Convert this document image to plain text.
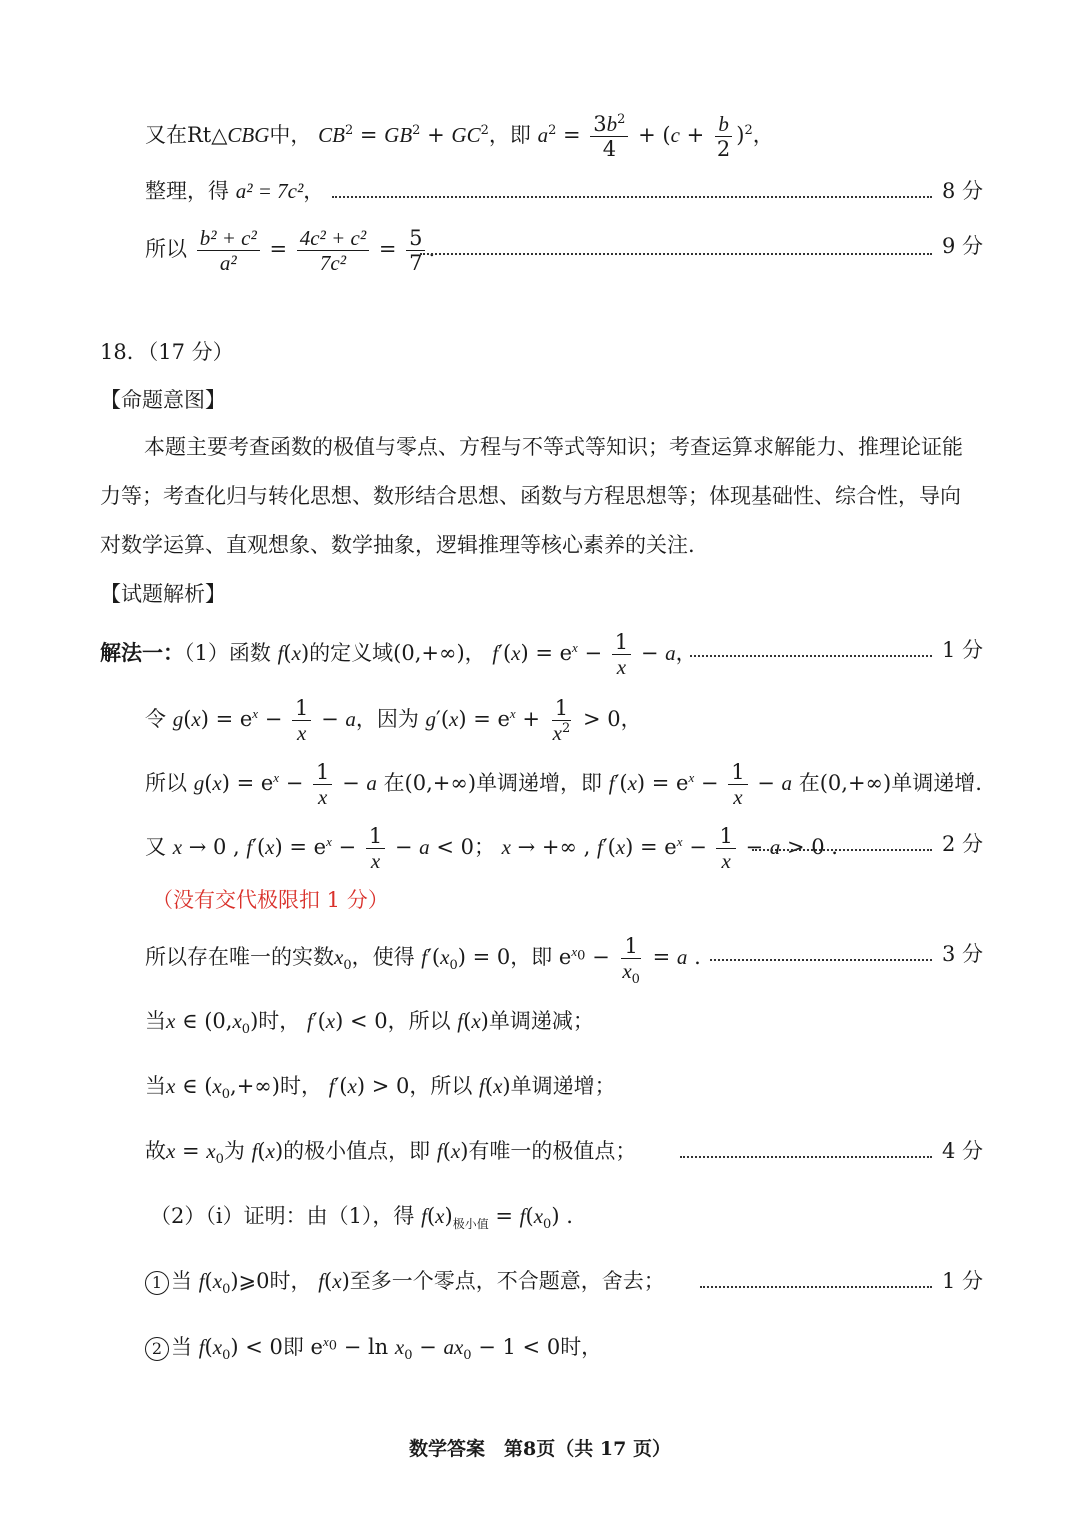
又在Rt△CBG中， $CB^2 = GB^2 + GC^2$，即 $a^2 = \frac{3b^2}{4} + (c + \frac{b}{2} )^2$，
整理，得 a² = 7c²，	8 分
所以 $\frac{\text{b² + c²}}{\text{a²}} = \frac{\text{4c² + c²}}{\text{7c²}} = \frac{5}{7}$ .	9 分
18．（17 分）
【命题意图】
本题主要考查函数的极值与零点、方程与不等式等知识；考查运算求解能力、推理论证能力等；考查化归与转化思想、数形结合思想、函数与方程思想等；体现基础性、综合性，导向对数学运算、直观想象、数学抽象，逻辑推理等核心素养的关注.
【试题解析】
解法一：（1）函数 f(x)的定义域(0,+∞)， $f'(x) = e^x - \frac{1}{x} - a$，	1 分
令 $g(x) = e^x - \frac{1}{x} - a$，因为 $g'(x) = e^x + \frac{1}{x^2} > 0$，
所以 $g(x) = e^x - \frac{1}{x} - a$ 在(0,+∞)单调递增，即 $f'(x) = e^x - \frac{1}{x} - a$ 在(0,+∞)单调递增.
又 x → 0 , $f'(x) = e^x - \frac{1}{x} - a < 0$； x → +∞ , $f'(x) = e^x - \frac{1}{x} - a > 0$ .	2 分
（没有交代极限扣 1 分）
所以存在唯一的实数$x_0$，使得 $f'(x_0) = 0$，即 $e^{x_0} - \frac{1}{x_0} = a$ .	3 分
当x ∈ $(0,x_0)$时， f′(x) < 0，所以 f(x)单调递减；
当x ∈ $(x_0,+\infty)$时， f′(x) > 0，所以 f(x)单调递增；
故$x = x_0$为 f(x)的极小值点，即 f(x)有唯一的极值点；	4 分
（2）（i）证明：由（1），得 $f(x)_{极小值} = f(x_0)$ .
1 当 $f(x_0)⩾0$时， f(x)至多一个零点，不合题意，舍去；	1 分
2 当 $f(x_0) < 0$即 $e^{x_0} - \ln x_0 - ax_0 - 1 < 0$时，
数学答案　第8页（共 17 页）
